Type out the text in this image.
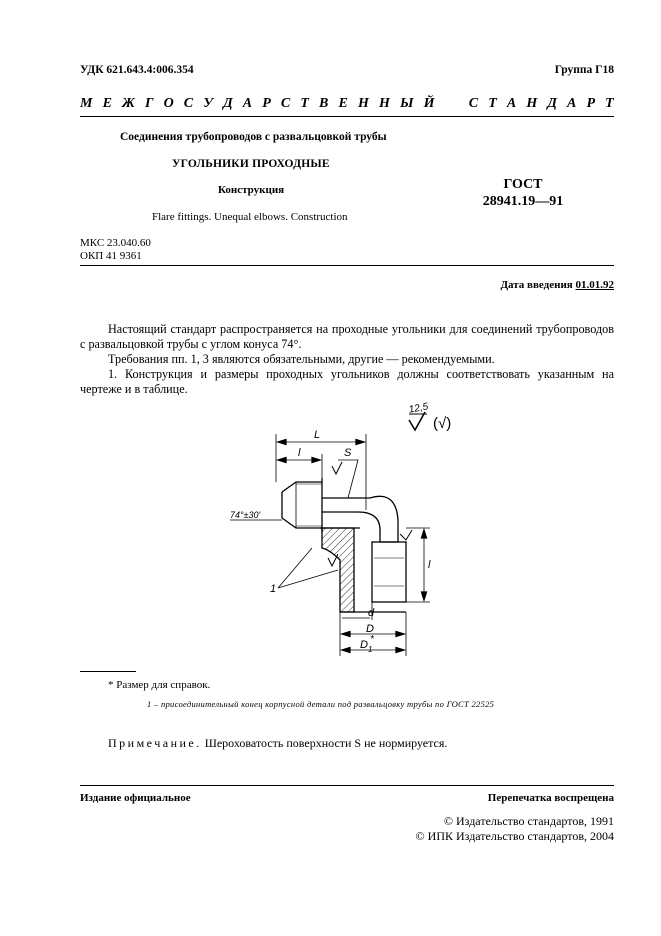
УДК 621.643.4:006.354	Группа Г18
М Е Ж Г О С У Д А Р С Т В Е Н Н Ы Й С Т А Н Д А Р Т
Соединения трубопроводов с развальцовкой трубы
УГОЛЬНИКИ ПРОХОДНЫЕ
Конструкция
Flare fittings. Unequal elbows. Construction
ГОСТ
28941.19—91
МКС 23.040.60
ОКП 41 9361
Дата введения 01.01.92
Настоящий стандарт распространяется на проходные угольники для соединений трубопроводов с развальцовкой трубы с углом конуса 74°.
Требования пп. 1, 3 являются обязательными, другие — рекомендуемыми.
1. Конструкция и размеры проходных угольников должны соответствовать указанным на чертеже и в таблице.
12,5
(√)
L
l	S
74°±30'
1
d
D
D 1
*
l
* Размер для справок.
1 – присоединительный конец корпусной детали под развальцовку трубы по ГОСТ 22525
Примечание. Шероховатость поверхности S не нормируется.
Издание официальное	Перепечатка воспрещена
© Издательство стандартов, 1991
© ИПК Издательство стандартов, 2004
